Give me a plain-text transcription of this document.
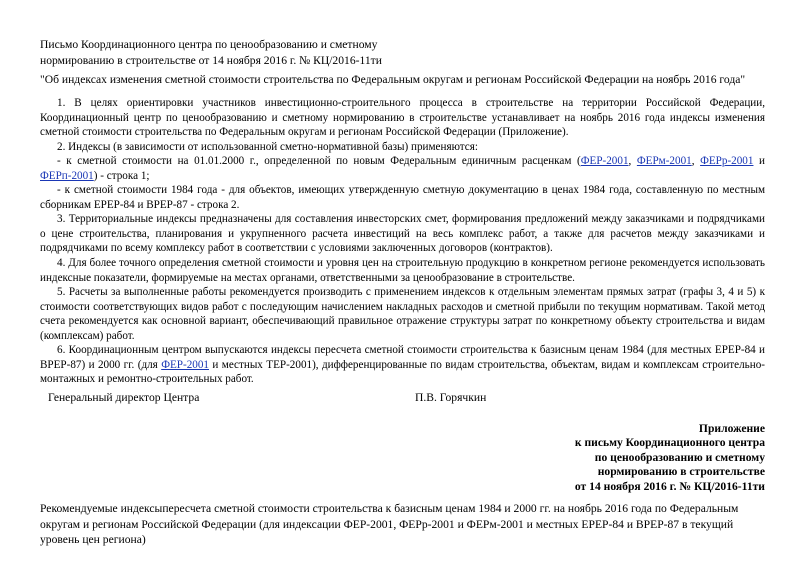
Письмо Координационного центра по ценообразованию и сметному
нормированию в строительстве от 14 ноября 2016 г. № КЦ/2016-11ти
"Об индексах изменения сметной стоимости строительства по Федеральным округам и регионам Российской Федерации на ноябрь 2016 года"

1. В целях ориентировки участников инвестиционно-строительного процесса в строительстве на территории Российской Федерации, Координационный центр по ценообразованию и сметному нормированию в строительстве устанавливает на ноябрь 2016 года индексы изменения сметной стоимости строительства по Федеральным округам и регионам Российской Федерации (Приложение).

2. Индексы (в зависимости от использованной сметно-нормативной базы) применяются:

- к сметной стоимости на 01.01.2000 г., определенной по новым Федеральным единичным расценкам (ФЕР-2001, ФЕРм-2001, ФЕРр-2001 и ФЕРп-2001) - строка 1;

- к сметной стоимости 1984 года - для объектов, имеющих утвержденную сметную документацию в ценах 1984 года, составленную по местным сборникам ЕРЕР-84 и ВРЕР-87 - строка 2.

3. Территориальные индексы предназначены для составления инвесторских смет, формирования предложений между заказчиками и подрядчиками о цене строительства, планирования и укрупненного расчета инвестиций на весь комплекс работ, а также для расчетов между заказчиками и подрядчиками по всему комплексу работ в соответствии с условиями заключенных договоров (контрактов).

4. Для более точного определения сметной стоимости и уровня цен на строительную продукцию в конкретном регионе рекомендуется использовать индексные показатели, формируемые на местах органами, ответственными за ценообразование в строительстве.

5. Расчеты за выполненные работы рекомендуется производить с применением индексов к отдельным элементам прямых затрат (графы 3, 4 и 5) к стоимости соответствующих видов работ с последующим начислением накладных расходов и сметной прибыли по текущим нормативам. Такой метод счета рекомендуется как основной вариант, обеспечивающий правильное отражение структуры затрат по конкретному объекту строительства и видам (комплексам) работ.

6. Координационным центром выпускаются индексы пересчета сметной стоимости строительства к базисным ценам 1984 (для местных ЕРЕР-84 и ВРЕР-87) и 2000 гг. (для ФЕР-2001 и местных ТЕР-2001), дифференцированные по видам строительства, объектам, видам и комплексам строительно-монтажных и ремонтно-строительных работ.

Генеральный директор Центра	П.В. Горячкин
Приложение
к письму Координационного центра
по ценообразованию и сметному
нормированию в строительстве
от 14 ноября 2016 г. № КЦ/2016-11ти
Рекомендуемые индексыпересчета сметной стоимости строительства к базисным ценам 1984 и 2000 гг. на ноябрь 2016 года по Федеральным округам и регионам Российской Федерации (для индексации ФЕР-2001, ФЕРр-2001 и ФЕРм-2001 и местных ЕРЕР-84 и ВРЕР-87 в текущий уровень цен региона)
